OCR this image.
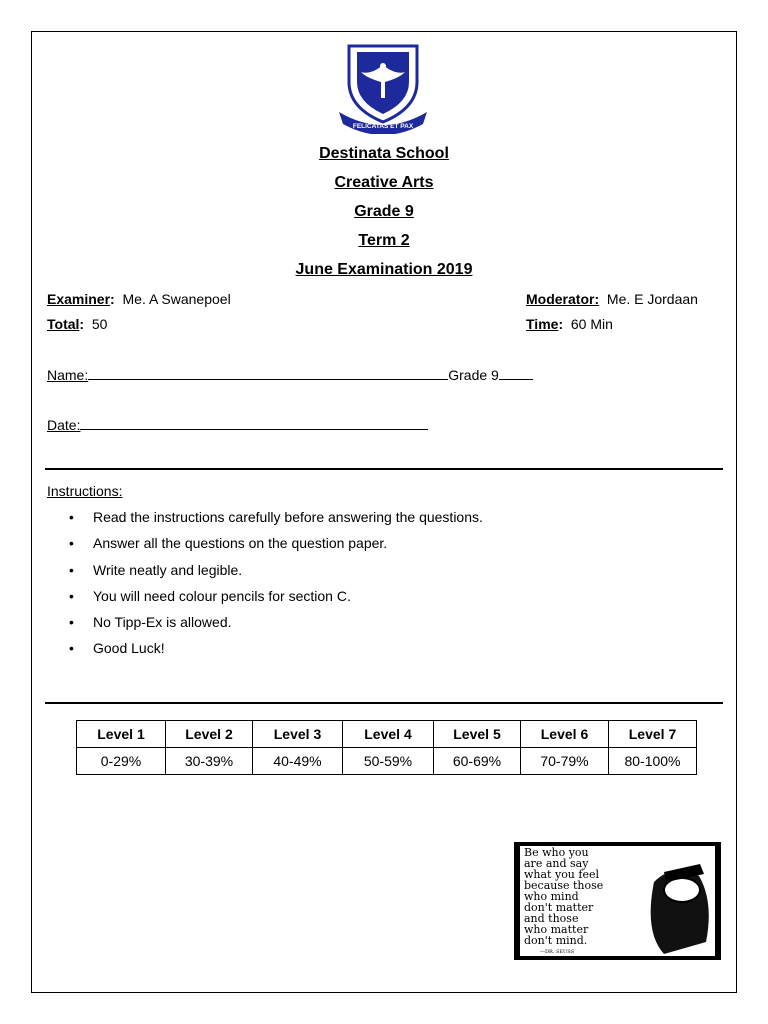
FELICATAS ET PAX
Destinata School
Creative Arts
Grade 9
Term 2
June Examination 2019
Examiner: Me. A Swanepoel
Total: 50
Moderator: Me. E Jordaan
Time: 60 Min
Name:	Grade 9
Date:
Instructions:
• Read the instructions carefully before answering the questions.
• Answer all the questions on the question paper.
• Write neatly and legible.
• You will need colour pencils for section C.
• No Tipp-Ex is allowed.
• Good Luck!
Level 1	Level 2	Level 3	Level 4	Level 5	Level 6	Level 7
0-29%	30-39%	40-49%	50-59%	60-69%	70-79%	80-100%
Be who you
are and say
what you feel
because those
who mind
don't matter
and those
who matter
don't mind.
—DR. SEUSS
